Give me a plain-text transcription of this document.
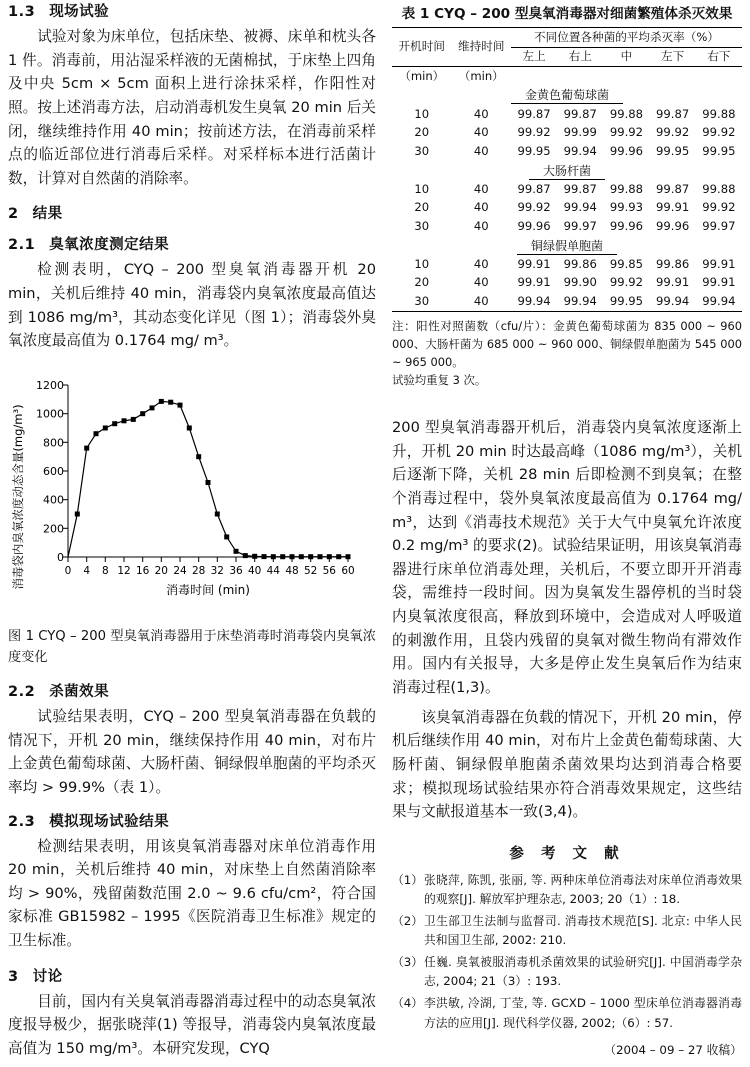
1.3 现场试验

试验对象为床单位，包括床垫、被褥、床单和枕头各 1 件。消毒前，用沾湿采样液的无菌棉拭，于床垫上四角及中央 5cm × 5cm 面积上进行涂抹采样，作阳性对照。按上述消毒方法，启动消毒机发生臭氧 20 min 后关闭，继续维持作用 40 min；按前述方法，在消毒前采样点的临近部位进行消毒后采样。对采样标本进行活菌计数，计算对自然菌的消除率。

2 结果
2.1 臭氧浓度测定结果

检测表明，CYQ – 200 型臭氧消毒器开机 20 min，关机后维持 40 min，消毒袋内臭氧浓度最高值达到 1086 mg/m³，其动态变化详见（图 1）；消毒袋外臭氧浓度最高值为 0.1764 mg/ m³。

消毒袋内臭氧浓度动态含量(mg/m³)	0
200
400
600
800
1000
1200
0 4 8 12 16 20 24 28 32 36 40 44 48 52 56 60
消毒时间 (min)
图 1 CYQ – 200 型臭氧消毒器用于床垫消毒时消毒袋内臭氧浓度变化
2.2 杀菌效果

试验结果表明，CYQ – 200 型臭氧消毒器在负载的情况下，开机 20 min，继续保持作用 40 min，对布片上金黄色葡萄球菌、大肠杆菌、铜绿假单胞菌的平均杀灭率均 > 99.9%（表 1）。

2.3 模拟现场试验结果

检测结果表明，用该臭氧消毒器对床单位消毒作用 20 min，关机后维持 40 min，对床垫上自然菌消除率均 > 90%，残留菌数范围 2.0 ~ 9.6 cfu/cm²，符合国家标准 GB15982 – 1995《医院消毒卫生标准》规定的卫生标准。

3 讨论

目前，国内有关臭氧消毒器消毒过程中的动态臭氧浓度报导极少，据张晓萍(1) 等报导，消毒袋内臭氧浓度最高值为 150 mg/m³。本研究发现，CYQ

表 1 CYQ – 200 型臭氧消毒器对细菌繁殖体杀灭效果
开机时间	维持时间	不同位置各种菌的平均杀灭率（%）				
		左上	右上	中	左下	右下
（min）	（min）					
金黄色葡萄球菌						
10	40	99.87	99.87	99.88	99.87	99.88
20	40	99.92	99.99	99.92	99.92	99.92
30	40	99.95	99.94	99.96	99.95	99.95
大肠杆菌						
10	40	99.87	99.87	99.88	99.87	99.88
20	40	99.92	99.94	99.93	99.91	99.92
30	40	99.96	99.97	99.96	99.96	99.97
铜绿假单胞菌						
10	40	99.91	99.86	99.85	99.86	99.91
20	40	99.91	99.90	99.92	99.91	99.91
30	40	99.94	99.94	99.95	99.94	99.94
注：阳性对照菌数（cfu/片）：金黄色葡萄球菌为 835 000 ~ 960 000、大肠杆菌为 685 000 ~ 960 000、铜绿假单胞菌为 545 000 ~ 965 000。
试验均重复 3 次。

200 型臭氧消毒器开机后，消毒袋内臭氧浓度逐渐上升，开机 20 min 时达最高峰（1086 mg/m³），关机后逐渐下降，关机 28 min 后即检测不到臭氧；在整个消毒过程中，袋外臭氧浓度最高值为 0.1764 mg/ m³，达到《消毒技术规范》关于大气中臭氧允许浓度 0.2 mg/m³ 的要求(2)。试验结果证明，用该臭氧消毒器进行床单位消毒处理，关机后，不要立即开开消毒袋，需维持一段时间。因为臭氧发生器停机的当时袋内臭氧浓度很高，释放到环境中，会造成对人呼吸道的刺激作用，且袋内残留的臭氧对微生物尚有滞效作用。国内有关报导，大多是停止发生臭氧后作为结束消毒过程(1,3)。

该臭氧消毒器在负载的情况下，开机 20 min，停机后继续作用 40 min，对布片上金黄色葡萄球菌、大肠杆菌、铜绿假单胞菌杀菌效果均达到消毒合格要求；模拟现场试验结果亦符合消毒效果规定，这些结果与文献报道基本一致(3,4)。

参 考 文 献
（1） 张晓萍, 陈凯, 张丽, 等. 两种床单位消毒法对床单位消毒效果的观察[J]. 解放军护理杂志, 2003; 20（1）: 18.
（2） 卫生部卫生法制与监督司. 消毒技术规范[S]. 北京: 中华人民共和国卫生部, 2002: 210.
（3） 任巍. 臭氧被服消毒机杀菌效果的试验研究[J]. 中国消毒学杂志, 2004; 21（3）: 193.
（4） 李洪敏, 冷湖, 丁莹, 等. GCXD – 1000 型床单位消毒器消毒方法的应用[J]. 现代科学仪器, 2002;（6）: 57.
（2004 – 09 – 27 收稿）
